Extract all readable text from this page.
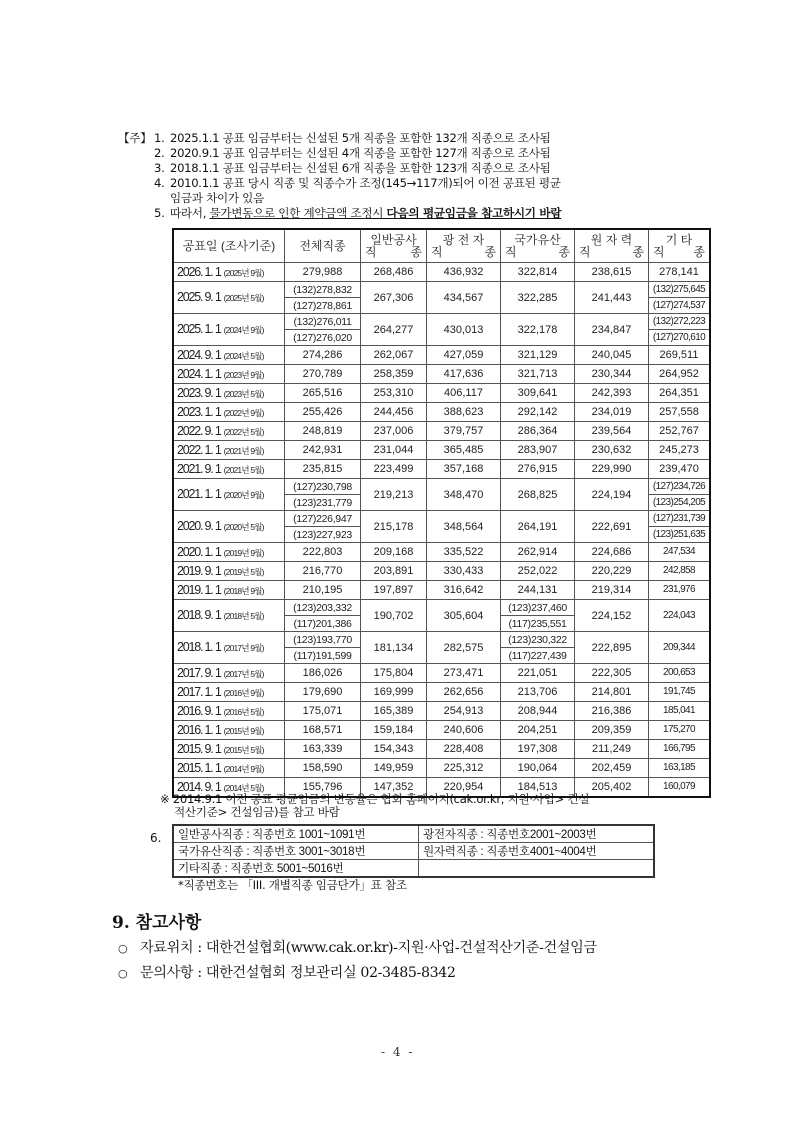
【주】 1. 2025.1.1 공표 임금부터는 신설된 5개 직종을 포함한 132개 직종으로 조사됨
2. 2020.9.1 공표 임금부터는 신설된 4개 직종을 포함한 127개 직종으로 조사됨
3. 2018.1.1 공표 임금부터는 신설된 6개 직종을 포함한 123개 직종으로 조사됨
4. 2010.1.1 공표 당시 직종 및 직종수가 조정(145→117개)되어 이전 공표된 평균
임금과 차이가 있음
5. 따라서, 물가변동으로 인한 계약금액 조정시 다음의 평균임금을 참고하시기 바람
공표일 (조사기준)	전체직종	일반공사
직 종	광 전 자
직 종	국가유산
직 종	원 자 력
직 종	기 타
직 종

2026. 1. 1 (2025년 9월)	279,988	268,486	436,932	322,814	238,615	278,141
2025. 9. 1 (2025년 5월)	(132)278,832	267,306	434,567	322,285	241,443	(132)275,645
	(127)278,861					(127)274,537
2025. 1. 1 (2024년 9월)	(132)276,011	264,277	430,013	322,178	234,847	(132)272,223
	(127)276,020					(127)270,610
2024. 9. 1 (2024년 5월)	274,286	262,067	427,059	321,129	240,045	269,511
2024. 1. 1 (2023년 9월)	270,789	258,359	417,636	321,713	230,344	264,952
2023. 9. 1 (2023년 5월)	265,516	253,310	406,117	309,641	242,393	264,351
2023. 1. 1 (2022년 9월)	255,426	244,456	388,623	292,142	234,019	257,558
2022. 9. 1 (2022년 5월)	248,819	237,006	379,757	286,364	239,564	252,767
2022. 1. 1 (2021년 9월)	242,931	231,044	365,485	283,907	230,632	245,273
2021. 9. 1 (2021년 5월)	235,815	223,499	357,168	276,915	229,990	239,470
2021. 1. 1 (2020년 9월)	(127)230,798	219,213	348,470	268,825	224,194	(127)234,726
	(123)231,779					(123)254,205
2020. 9. 1 (2020년 5월)	(127)226,947	215,178	348,564	264,191	222,691	(127)231,739
	(123)227,923					(123)251,635
2020. 1. 1 (2019년 9월)	222,803	209,168	335,522	262,914	224,686	247,534
2019. 9. 1 (2019년 5월)	216,770	203,891	330,433	252,022	220,229	242,858
2019. 1. 1 (2018년 9월)	210,195	197,897	316,642	244,131	219,314	231,976
2018. 9. 1 (2018년 5월)	(123)203,332	190,702	305,604	(123)237,460	224,152	224,043
	(117)201,386			(117)235,551		
2018. 1. 1 (2017년 9월)	(123)193,770	181,134	282,575	(123)230,322	222,895	209,344
	(117)191,599			(117)227,439		
2017. 9. 1 (2017년 5월)	186,026	175,804	273,471	221,051	222,305	200,653
2017. 1. 1 (2016년 9월)	179,690	169,999	262,656	213,706	214,801	191,745
2016. 9. 1 (2016년 5월)	175,071	165,389	254,913	208,944	216,386	185,041
2016. 1. 1 (2015년 9월)	168,571	159,184	240,606	204,251	209,359	175,270
2015. 9. 1 (2015년 5월)	163,339	154,343	228,408	197,308	211,249	166,795
2015. 1. 1 (2014년 9월)	158,590	149,959	225,312	190,064	202,459	163,185
2014. 9. 1 (2014년 5월)	155,796	147,352	220,954	184,513	205,402	160,079
※ 2014.9.1 이전 공표 평균임금의 변동율은 협회 홈페이지(cak.or.kr, 지원·사업> 건설
적산기준> 건설임금)를 참고 바람
6. 일반공사직종 : 직종번호 1001~1091번	광전자직종 : 직종번호2001~2003번
국가유산직종 : 직종번호 3001~3018번	원자력직종 : 직종번호4001~4004번
기타직종 : 직종번호 5001~5016번	
*직종번호는 「III. 개별직종 임금단가」표 참조
9. 참고사항
○ 자료위치 : 대한건설협회(www.cak.or.kr)-지원·사업-건설적산기준-건설임금
○ 문의사항 : 대한건설협회 정보관리실 02-3485-8342
- 4 -
